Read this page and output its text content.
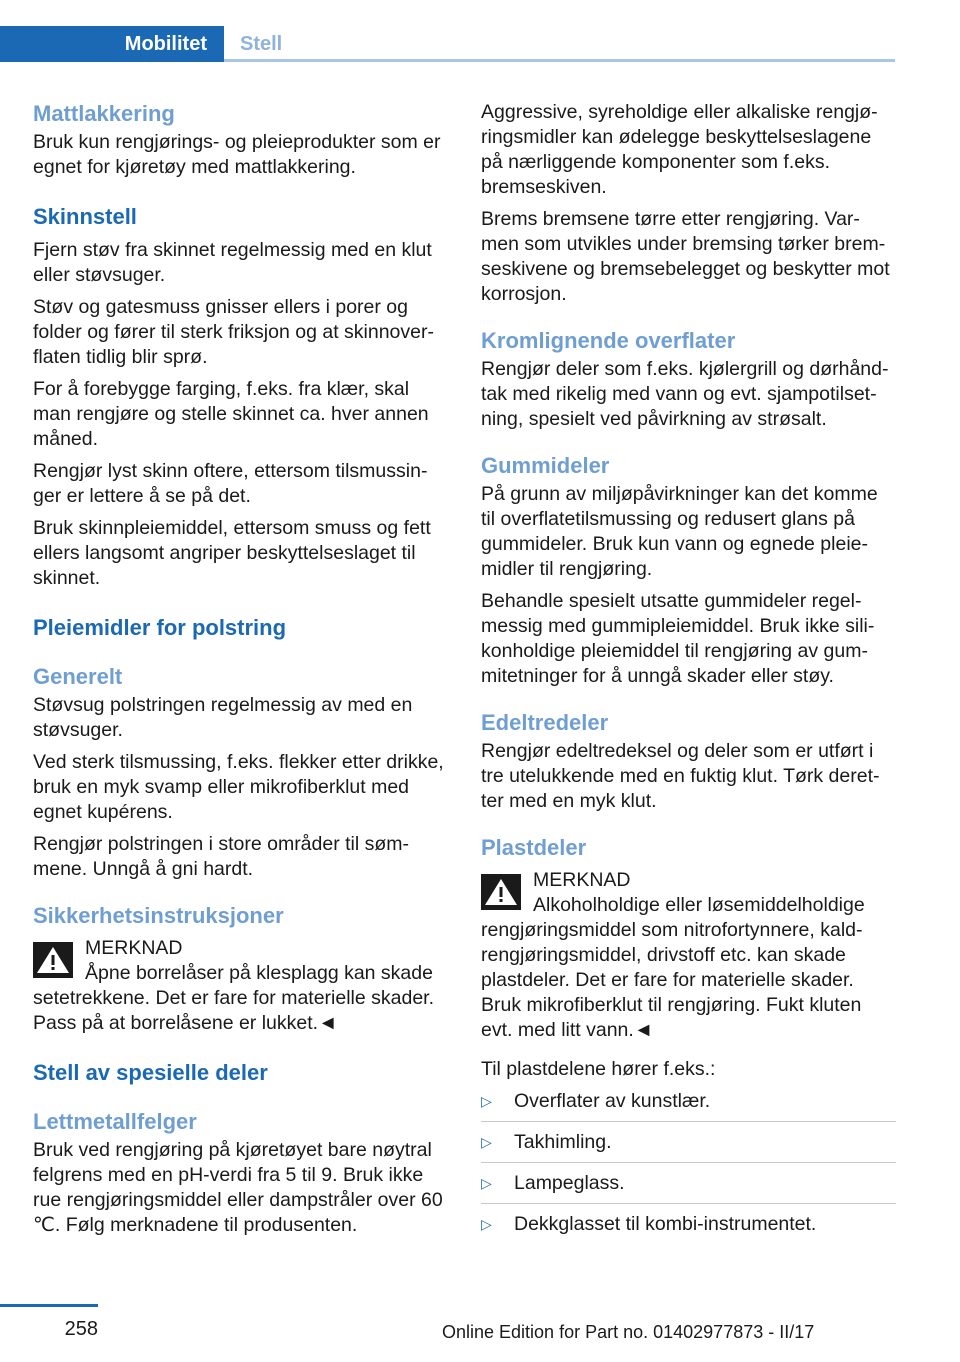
Mobilitet	Stell
Mattlakkering
Bruk kun rengjørings- og pleieprodukter som er egnet for kjøretøy med mattlakkering.
Skinnstell
Fjern støv fra skinnet regelmessig med en klut eller støvsuger.
Støv og gatesmuss gnisser ellers i porer og folder og fører til sterk friksjon og at skinnover-flaten tidlig blir sprø.
For å forebygge farging, f.eks. fra klær, skal man rengjøre og stelle skinnet ca. hver annen måned.
Rengjør lyst skinn oftere, ettersom tilsmussin-ger er lettere å se på det.
Bruk skinnpleiemiddel, ettersom smuss og fett ellers langsomt angriper beskyttelseslaget til skinnet.
Pleiemidler for polstring
Generelt
Støvsug polstringen regelmessig av med en støvsuger.
Ved sterk tilsmussing, f.eks. flekker etter drikke, bruk en myk svamp eller mikrofiberklut med egnet kupérens.
Rengjør polstringen i store områder til søm-mene. Unngå å gni hardt.
Sikkerhetsinstruksjoner
MERKNAD
Åpne borrelåser på klesplagg kan skade setetrekkene. Det er fare for materielle skader. Pass på at borrelåsene er lukket.◄
Stell av spesielle deler
Lettmetallfelger
Bruk ved rengjøring på kjøretøyet bare nøytral felgrens med en pH-verdi fra 5 til 9. Bruk ikke rue rengjøringsmiddel eller dampstråler over 60 ℃. Følg merknadene til produsenten.
Aggressive, syreholdige eller alkaliske rengjø-ringsmidler kan ødelegge beskyttelseslagene på nærliggende komponenter som f.eks. bremseskiven.
Brems bremsene tørre etter rengjøring. Var-men som utvikles under bremsing tørker brem-seskivene og bremsebelegget og beskytter mot korrosjon.
Kromlignende overflater
Rengjør deler som f.eks. kjølergrill og dørhånd-tak med rikelig med vann og evt. sjampotilset-ning, spesielt ved påvirkning av strøsalt.
Gummideler
På grunn av miljøpåvirkninger kan det komme til overflatetilsmussing og redusert glans på gummideler. Bruk kun vann og egnede pleie-midler til rengjøring.
Behandle spesielt utsatte gummideler regel-messig med gummipleiemiddel. Bruk ikke sili-konholdige pleiemiddel til rengjøring av gum-mitetninger for å unngå skader eller støy.
Edeltredeler
Rengjør edeltredeksel og deler som er utført i tre utelukkende med en fuktig klut. Tørk deret-ter med en myk klut.
Plastdeler
MERKNAD
Alkoholholdige eller løsemiddelholdige rengjøringsmiddel som nitrofortynnere, kald-rengjøringsmiddel, drivstoff etc. kan skade plastdeler. Det er fare for materielle skader. Bruk mikrofiberklut til rengjøring. Fukt kluten evt. med litt vann.◄
Til plastdelene hører f.eks.:
▷ Overflater av kunstlær.
▷ Takhimling.
▷ Lampeglass.
▷ Dekkglasset til kombi-instrumentet.
258	Online Edition for Part no. 01402977873 - II/17
